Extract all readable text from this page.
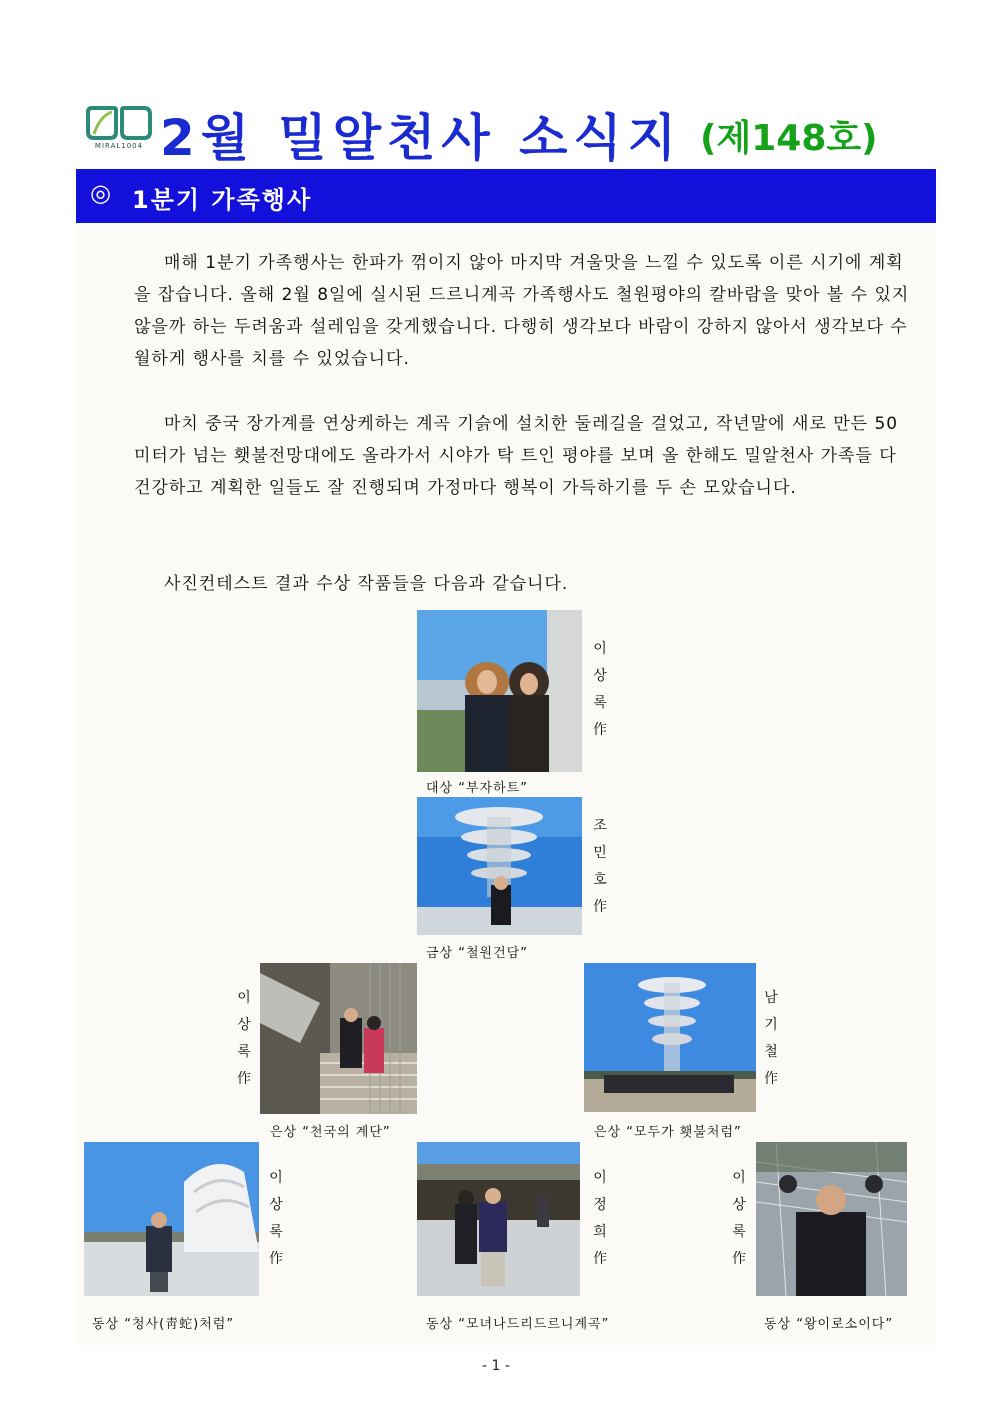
MIRAL1004 2월 밀알천사 소식지 (제148호)
◎ 1분기 가족행사
매해 1분기 가족행사는 한파가 꺾이지 않아 마지막 겨울맛을 느낄 수 있도록 이른 시기에 계획을 잡습니다. 올해 2월 8일에 실시된 드르니계곡 가족행사도 철원평야의 칼바람을 맞아 볼 수 있지 않을까 하는 두려움과 설레임을 갖게했습니다. 다행히 생각보다 바람이 강하지 않아서 생각보다 수월하게 행사를 치를 수 있었습니다.
마치 중국 장가계를 연상케하는 계곡 기슭에 설치한 둘레길을 걸었고, 작년말에 새로 만든 50미터가 넘는 횃불전망대에도 올라가서 시야가 탁 트인 평야를 보며 올 한해도 밀알천사 가족들 다 건강하고 계획한 일들도 잘 진행되며 가정마다 행복이 가득하기를 두 손 모았습니다.
사진컨테스트 결과 수상 작품들을 다음과 같습니다.
대상 “부자하트”
이
상
록
作
금상 “철원건담”
조
민
호
作
은상 “천국의 계단”
이
상
록
作
은상 “모두가 횃불처럼”
남
기
철
作
동상 “청사(靑蛇)처럼”
이
상
록
作
동상 “모녀나드리드르니계곡”
이
정
희
作
동상 “왕이로소이다”
이
상
록
作
- 1 -
